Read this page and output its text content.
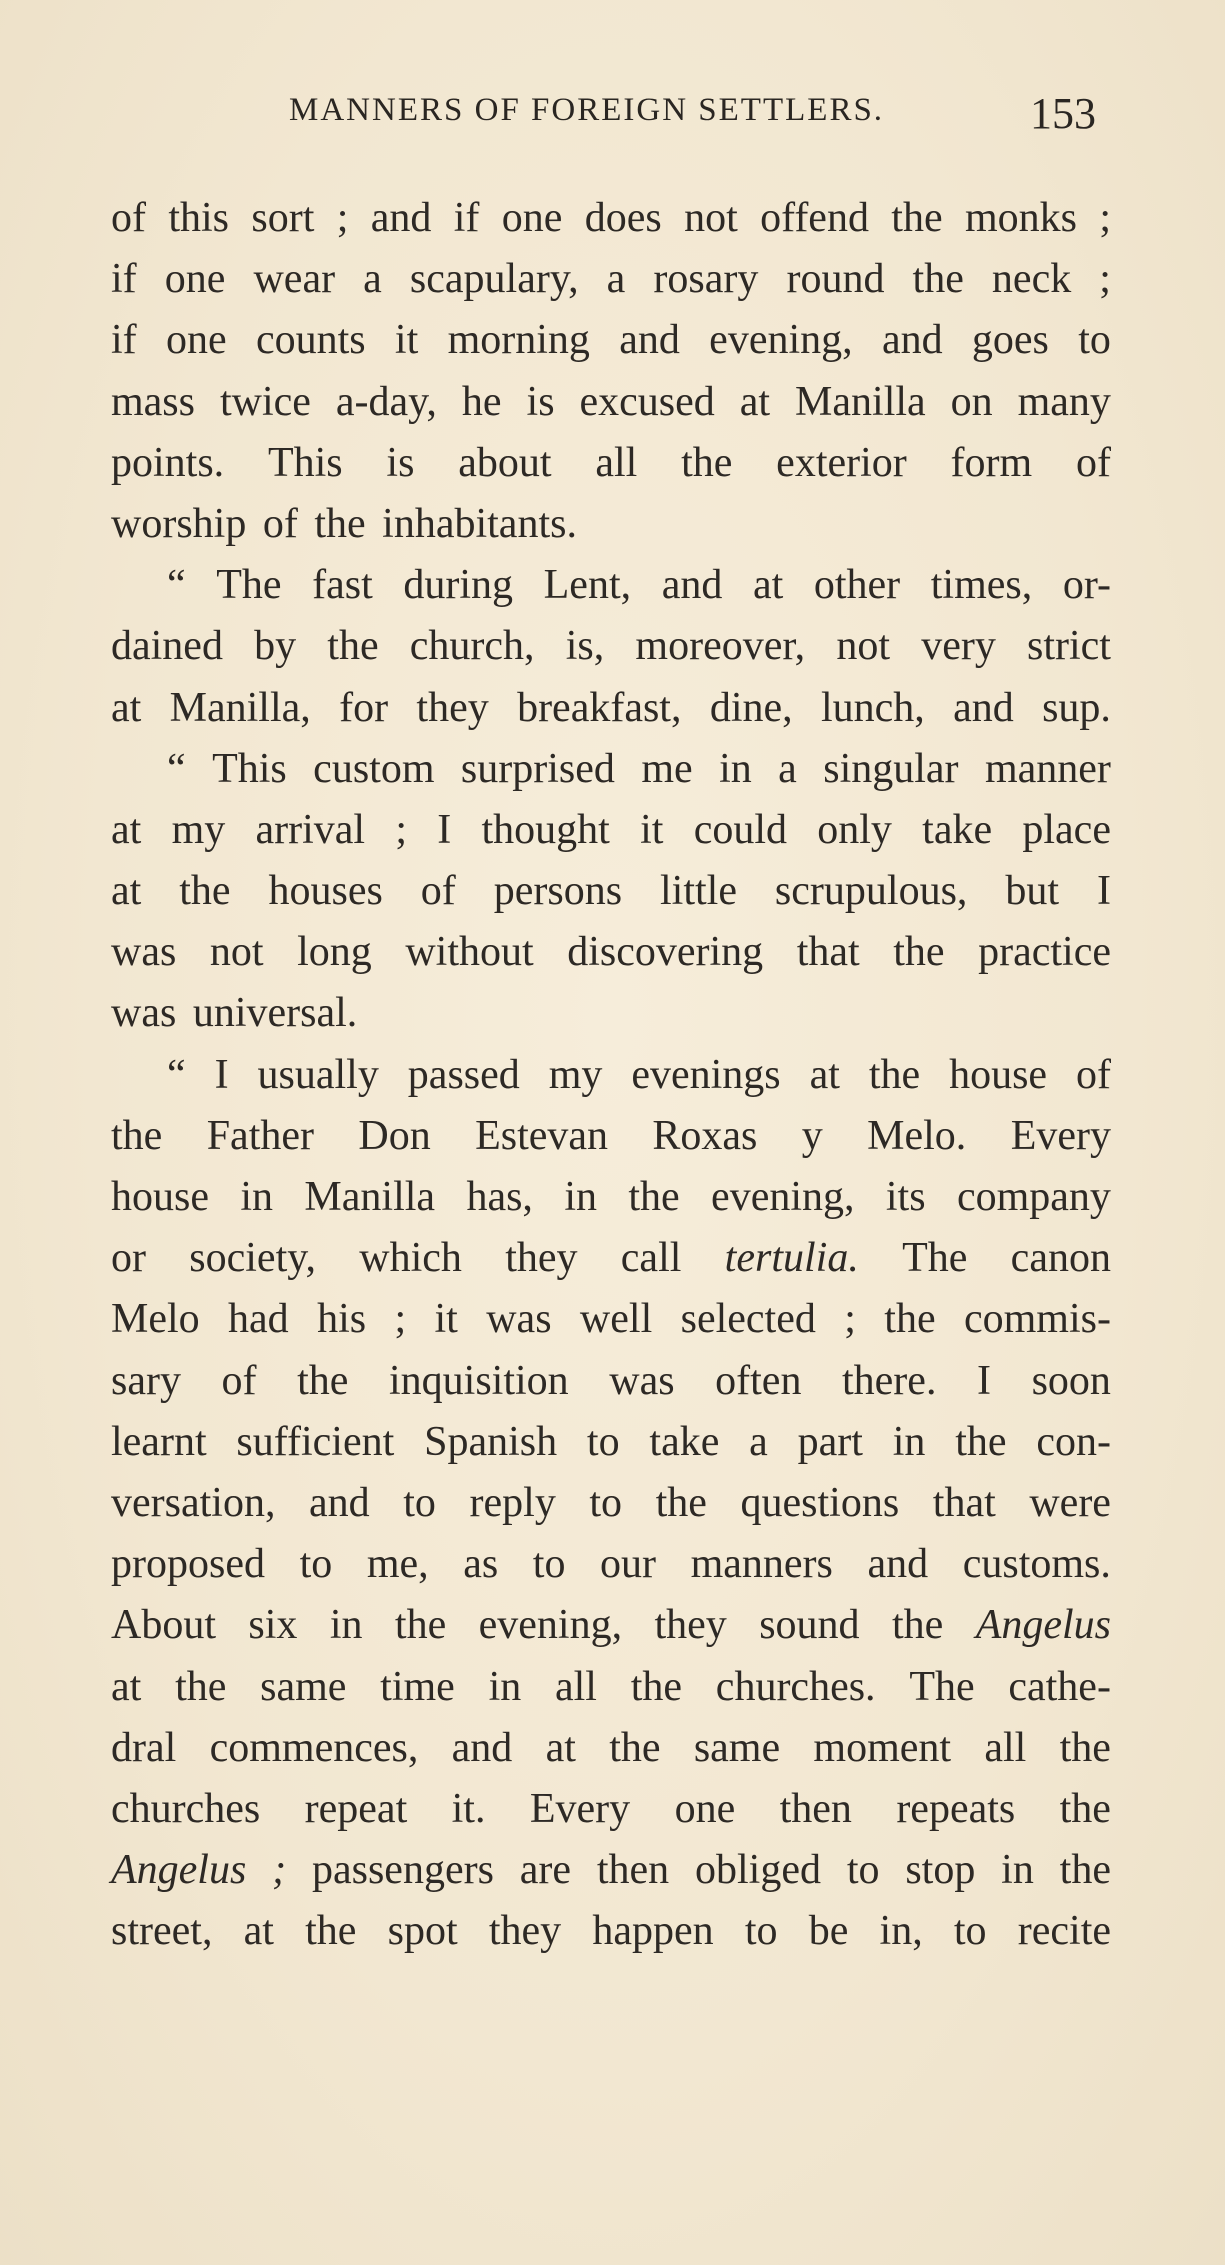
MANNERS OF FOREIGN SETTLERS.	153
of this sort ; and if one does not offend the monks ;
if one wear a scapulary, a rosary round the neck ;
if one counts it morning and evening, and goes to
mass twice a-day, he is excused at Manilla on many
points. This is about all the exterior form of
worship of the inhabitants.
“ The fast during Lent, and at other times, or-
dained by the church, is, moreover, not very strict
at Manilla, for they breakfast, dine, lunch, and sup.
“ This custom surprised me in a singular manner
at my arrival ; I thought it could only take place
at the houses of persons little scrupulous, but I
was not long without discovering that the practice
was universal.
“ I usually passed my evenings at the house of
the Father Don Estevan Roxas y Melo. Every
house in Manilla has, in the evening, its company
or society, which they call tertulia. The canon
Melo had his ; it was well selected ; the commis-
sary of the inquisition was often there. I soon
learnt sufficient Spanish to take a part in the con-
versation, and to reply to the questions that were
proposed to me, as to our manners and customs.
About six in the evening, they sound the Angelus
at the same time in all the churches. The cathe-
dral commences, and at the same moment all the
churches repeat it. Every one then repeats the
Angelus ; passengers are then obliged to stop in the
street, at the spot they happen to be in, to recite
